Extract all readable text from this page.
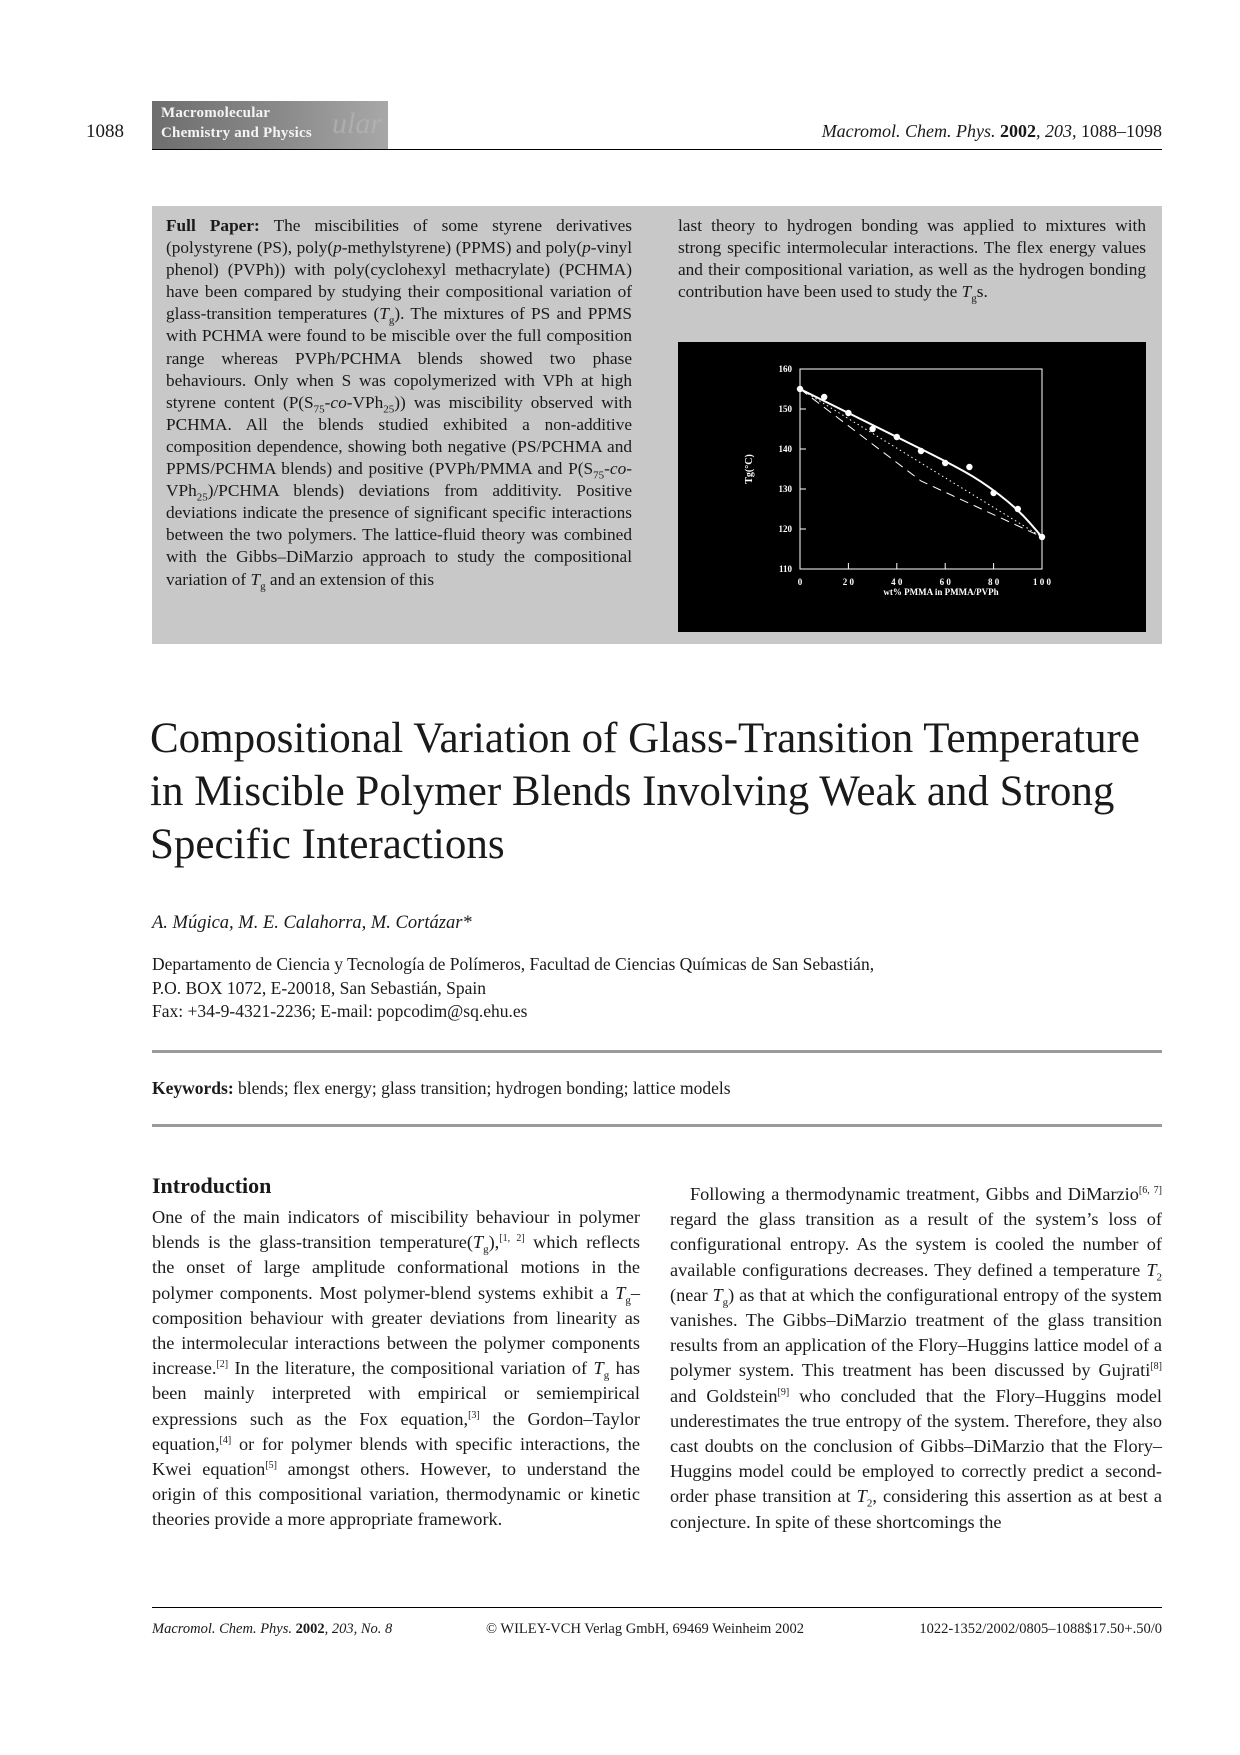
1088
Macromolecular
Chemistry and Physics ular	Macromol. Chem. Phys. 2002, 203, 1088–1098
Full Paper: The miscibilities of some styrene derivatives (polystyrene (PS), poly(p-methylstyrene) (PPMS) and poly(p-vinyl phenol) (PVPh)) with poly(cyclohexyl methacrylate) (PCHMA) have been compared by studying their compositional variation of glass-transition temperatures $(T_g)$. The mixtures of PS and PPMS with PCHMA were found to be miscible over the full composition range whereas PVPh/PCHMA blends showed two phase behaviours. Only when S was copolymerized with VPh at high styrene content $(P(S_{75}-co-VPh_{25}))$ was miscibility observed with PCHMA. All the blends studied exhibited a non-additive composition dependence, showing both negative (PS/PCHMA and PPMS/PCHMA blends) and positive (PVPh/PMMA and $P(S_{75}-co-VPh_{25})$/PCHMA blends) deviations from additivity. Positive deviations indicate the presence of significant specific interactions between the two polymers. The lattice-fluid theory was combined with the Gibbs–DiMarzio approach to study the compositional variation of $T_g$ and an extension of this
last theory to hydrogen bonding was applied to mixtures with strong specific intermolecular interactions. The flex energy values and their compositional variation, as well as the hydrogen bonding contribution have been used to study the $T_gs$.
110
120
130
140
150
160
0	2 0	4 0	6 0	8 0	1 0 0
wt% PMMA in PMMA/PVPh
Tg(°C)
Compositional Variation of Glass-Transition Temperature in Miscible Polymer Blends Involving Weak and Strong Specific Interactions
A. Múgica, M. E. Calahorra, M. Cortázar*
Departamento de Ciencia y Tecnología de Polímeros, Facultad de Ciencias Químicas de San Sebastián,
P.O. BOX 1072, E-20018, San Sebastián, Spain
Fax: +34-9-4321-2236; E-mail: popcodim@sq.ehu.es
Keywords: blends; flex energy; glass transition; hydrogen bonding; lattice models
Introduction
One of the main indicators of miscibility behaviour in polymer blends is the glass-transition $temperature(T_g),[1, 2]$ which reflects the onset of large amplitude conformational motions in the polymer components. Most polymer-blend systems exhibit a $T_g$–composition behaviour with greater deviations from linearity as the intermolecular interactions between the polymer components increase.[2] In the literature, the compositional variation of $T_g$ has been mainly interpreted with empirical or semiempirical expressions such as the Fox equation,[3] the Gordon–Taylor equation,[4] or for polymer blends with specific interactions, the Kwei equation[5] amongst others. However, to understand the origin of this compositional variation, thermodynamic or kinetic theories provide a more appropriate framework.
Following a thermodynamic treatment, Gibbs and DiMarzio[6, 7] regard the glass transition as a result of the system’s loss of configurational entropy. As the system is cooled the number of available configurations decreases. They defined a temperature $T_2$ (near $T_g$) as that at which the configurational entropy of the system vanishes. The Gibbs–DiMarzio treatment of the glass transition results from an application of the Flory–Huggins lattice model of a polymer system. This treatment has been discussed by Gujrati[8] and Goldstein[9] who concluded that the Flory–Huggins model underestimates the true entropy of the system. Therefore, they also cast doubts on the conclusion of Gibbs–DiMarzio that the Flory–Huggins model could be employed to correctly predict a second-order phase transition at $T_2$, considering this assertion as at best a conjecture. In spite of these shortcomings the
Macromol. Chem. Phys. 2002, 203, No. 8	© WILEY-VCH Verlag GmbH, 69469 Weinheim 2002	1022-1352/2002/0805–1088$17.50+.50/0
